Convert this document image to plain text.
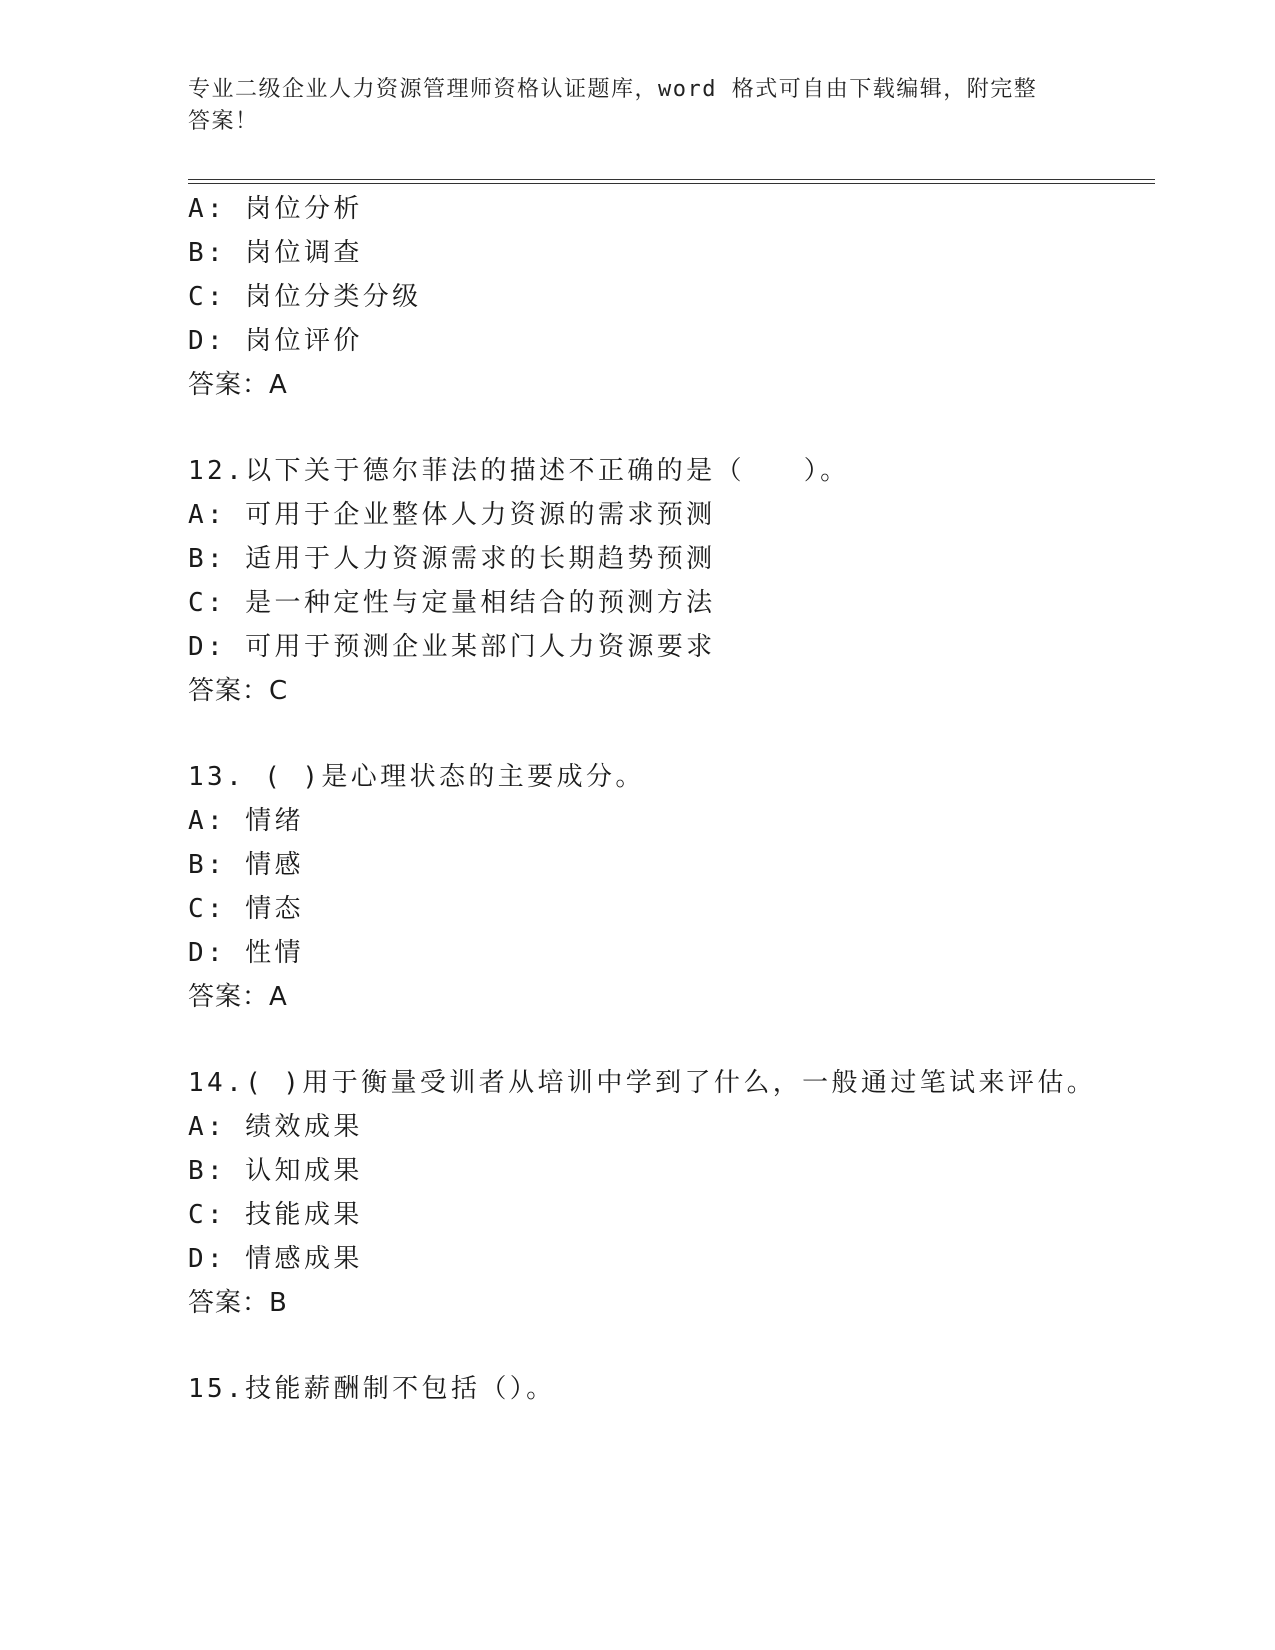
专业二级企业人力资源管理师资格认证题库，word 格式可自由下载编辑，附完整
答案！
A: 岗位分析
B: 岗位调查
C: 岗位分类分级
D: 岗位评价
答案：A
12.以下关于德尔菲法的描述不正确的是（　　）。
A: 可用于企业整体人力资源的需求预测
B: 适用于人力资源需求的长期趋势预测
C: 是一种定性与定量相结合的预测方法
D: 可用于预测企业某部门人力资源要求
答案：C
13. ( )是心理状态的主要成分。
A: 情绪
B: 情感
C: 情态
D: 性情
答案：A
14.( )用于衡量受训者从培训中学到了什么，一般通过笔试来评估。
A: 绩效成果
B: 认知成果
C: 技能成果
D: 情感成果
答案：B
15.技能薪酬制不包括（）。
